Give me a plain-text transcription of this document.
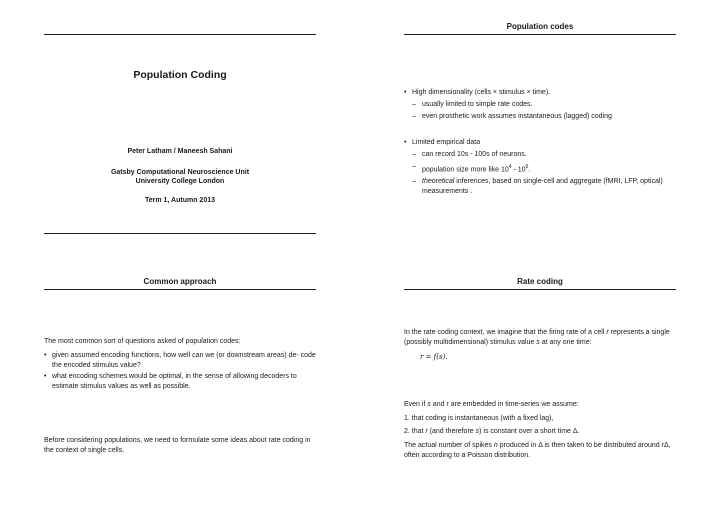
Population Coding
Peter Latham / Maneesh Sahani
Gatsby Computational Neuroscience Unit
University College London
Term 1, Autumn 2013
Population codes
• High dimensionality (cells × stimulus × time).
– usually limited to simple rate codes.
– even prosthetic work assumes instantaneous (lagged) coding
• Limited empirical data
– can record 10s - 100s of neurons.
– population size more like $10^4 - 10^6$.
– theoretical inferences, based on single-cell and aggregate (fMRI, LFP, optical) measurements .
Common approach
The most common sort of questions asked of population codes:
• given assumed encoding functions, how well can we (or downstream areas) de- code the encoded stimulus value?
• what encoding schemes would be optimal, in the sense of allowing decoders to estimate stimulus values as well as possible.
Before considering populations, we need to formulate some ideas about rate coding in the context of single cells.
Rate coding
In the rate coding context, we imagine that the firing rate of a cell r represents a single (possibly multidimensional) stimulus value s at any one time:
r = f(s).
Even if s and r are embedded in time-series we assume:
1. that coding is instantaneous (with a fixed lag),
2. that r (and therefore s) is constant over a short time Δ.
The actual number of spikes n produced in Δ is then taken to be distributed around rΔ, often according to a Poisson distribution.
